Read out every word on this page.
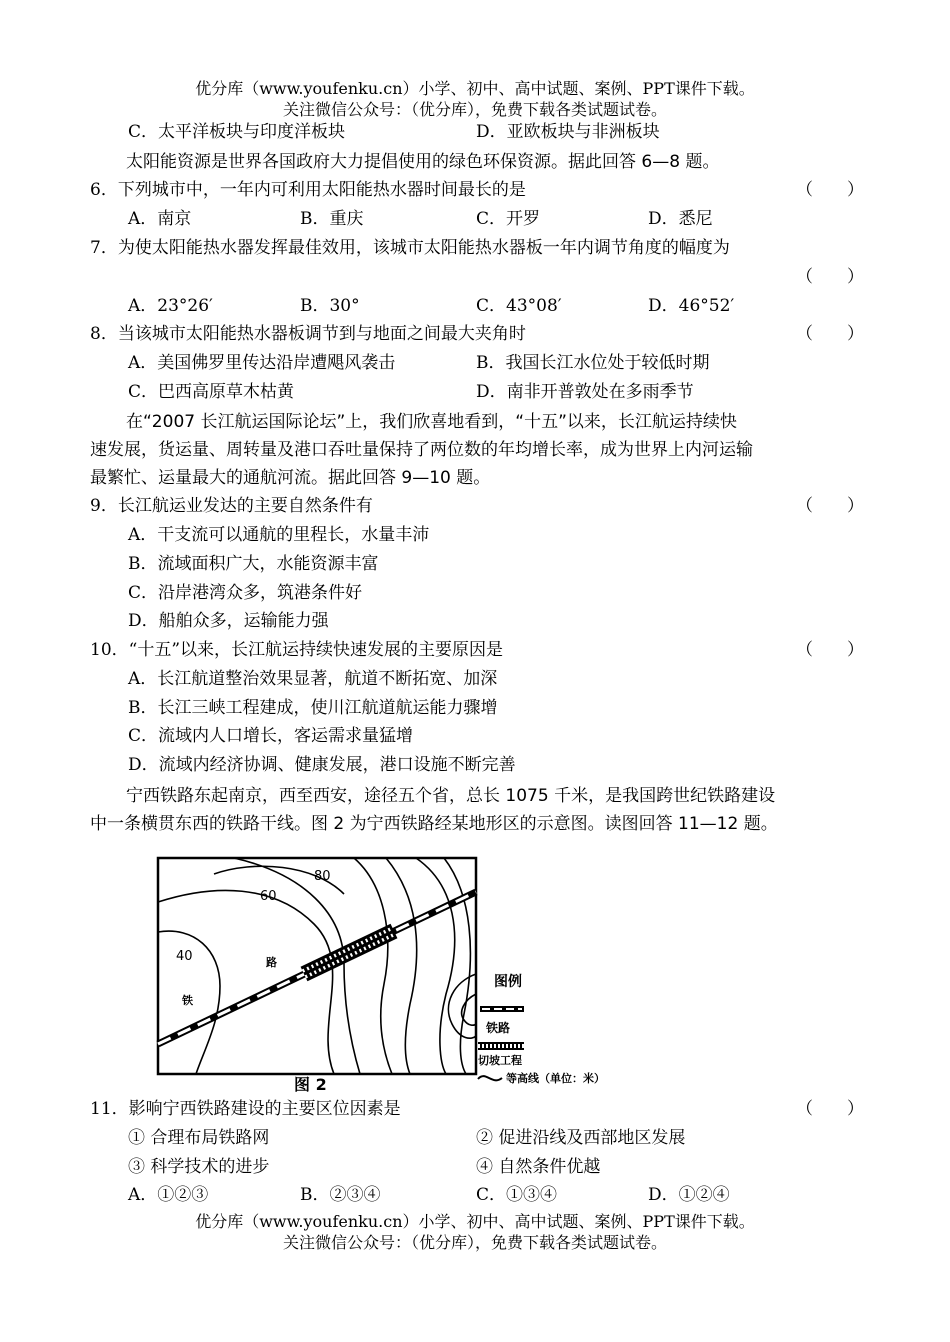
优分库（www.youfenku.cn）小学、初中、高中试题、案例、PPT课件下载。
关注微信公众号：（优分库），免费下载各类试题试卷。
C．太平洋板块与印度洋板块	D．亚欧板块与非洲板块
太阳能资源是世界各国政府大力提倡使用的绿色环保资源。据此回答 6—8 题。
6．下列城市中，一年内可利用太阳能热水器时间最长的是	（　　）
A．南京	B．重庆	C．开罗	D．悉尼
7．为使太阳能热水器发挥最佳效用，该城市太阳能热水器板一年内调节角度的幅度为
（　　）
A．23°26′	B．30°	C．43°08′	D．46°52′
8．当该城市太阳能热水器板调节到与地面之间最大夹角时	（　　）
A．美国佛罗里传达沿岸遭飓风袭击	B．我国长江水位处于较低时期
C．巴西高原草木枯黄	D．南非开普敦处在多雨季节
在“2007 长江航运国际论坛”上，我们欣喜地看到，“十五”以来，长江航运持续快
速发展，货运量、周转量及港口吞吐量保持了两位数的年均增长率，成为世界上内河运输
最繁忙、运量最大的通航河流。据此回答 9—10 题。
9．长江航运业发达的主要自然条件有	（　　）
A．干支流可以通航的里程长，水量丰沛
B．流域面积广大，水能资源丰富
C．沿岸港湾众多，筑港条件好
D．船舶众多，运输能力强
10．“十五”以来，长江航运持续快速发展的主要原因是	（　　）
A．长江航道整治效果显著，航道不断拓宽、加深
B．长江三峡工程建成，使川江航道航运能力骤增
C．流域内人口增长，客运需求量猛增
D．流域内经济协调、健康发展，港口设施不断完善
宁西铁路东起南京，西至西安，途径五个省，总长 1075 千米，是我国跨世纪铁路建设
中一条横贯东西的铁路干线。图 2 为宁西铁路经某地形区的示意图。读图回答 11—12 题。
80
60
40	路
铁
图 2
图例
铁路
切坡工程
等高线（单位：米）
11．影响宁西铁路建设的主要区位因素是	（　　）
① 合理布局铁路网	② 促进沿线及西部地区发展
③ 科学技术的进步	④ 自然条件优越
A．①②③	B．②③④	C．①③④	D．①②④
优分库（www.youfenku.cn）小学、初中、高中试题、案例、PPT课件下载。
关注微信公众号：（优分库），免费下载各类试题试卷。
